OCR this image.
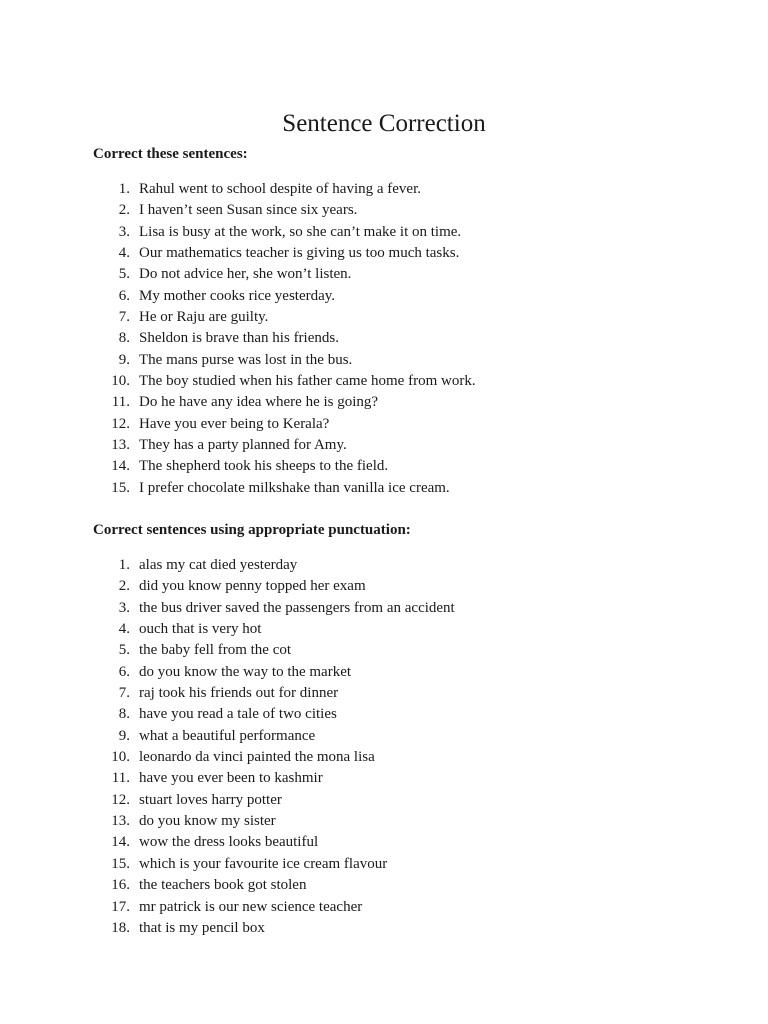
Sentence Correction
Correct these sentences:
1. Rahul went to school despite of having a fever.
2. I haven’t seen Susan since six years.
3. Lisa is busy at the work, so she can’t make it on time.
4. Our mathematics teacher is giving us too much tasks.
5. Do not advice her, she won’t listen.
6. My mother cooks rice yesterday.
7. He or Raju are guilty.
8. Sheldon is brave than his friends.
9. The mans purse was lost in the bus.
10. The boy studied when his father came home from work.
11. Do he have any idea where he is going?
12. Have you ever being to Kerala?
13. They has a party planned for Amy.
14. The shepherd took his sheeps to the field.
15. I prefer chocolate milkshake than vanilla ice cream.
Correct sentences using appropriate punctuation:
1. alas my cat died yesterday
2. did you know penny topped her exam
3. the bus driver saved the passengers from an accident
4. ouch that is very hot
5. the baby fell from the cot
6. do you know the way to the market
7. raj took his friends out for dinner
8. have you read a tale of two cities
9. what a beautiful performance
10. leonardo da vinci painted the mona lisa
11. have you ever been to kashmir
12. stuart loves harry potter
13. do you know my sister
14. wow the dress looks beautiful
15. which is your favourite ice cream flavour
16. the teachers book got stolen
17. mr patrick is our new science teacher
18. that is my pencil box
